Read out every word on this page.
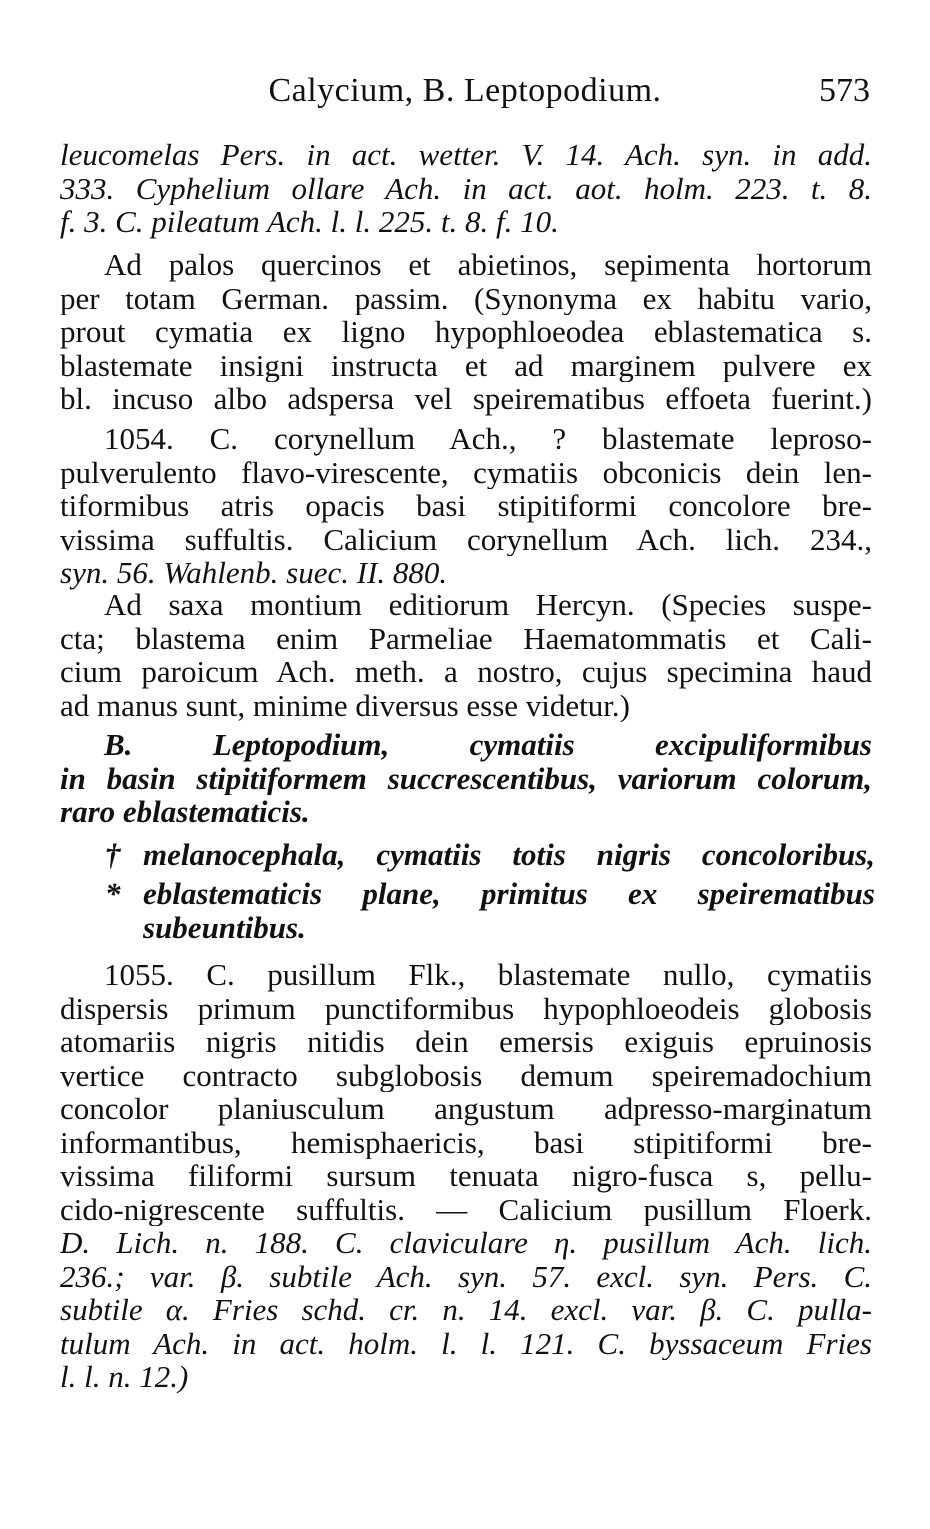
Calycium, B. Leptopodium.	573
leucomelas Pers. in act. wetter. V. 14. Ach. syn. in add.
333. Cyphelium ollare Ach. in act. aot. holm. 223. t. 8.
f. 3. C. pileatum Ach. l. l. 225. t. 8. f. 10.
Ad palos quercinos et abietinos, sepimenta hortorum
per totam German. passim. (Synonyma ex habitu vario,
prout cymatia ex ligno hypophloeodea eblastematica s.
blastemate insigni instructa et ad marginem pulvere ex
bl. incuso albo adspersa vel speirematibus effoeta fuerint.)
1054. C. corynellum Ach., ? blastemate leproso-
pulverulento flavo-virescente, cymatiis obconicis dein len-
tiformibus atris opacis basi stipitiformi concolore bre-
vissima suffultis. Calicium corynellum Ach. lich. 234.,
syn. 56. Wahlenb. suec. II. 880.
Ad saxa montium editiorum Hercyn. (Species suspe-
cta; blastema enim Parmeliae Haematommatis et Cali-
cium paroicum Ach. meth. a nostro, cujus specimina haud
ad manus sunt, minime diversus esse videtur.)
B. Leptopodium, cymatiis excipuliformibus
in basin stipitiformem succrescentibus, variorum colorum,
raro eblastematicis.
† melanocephala, cymatiis totis nigris concoloribus,
* eblastematicis plane, primitus ex speirematibus
subeuntibus.
1055. C. pusillum Flk., blastemate nullo, cymatiis
dispersis primum punctiformibus hypophloeodeis globosis
atomariis nigris nitidis dein emersis exiguis epruinosis
vertice contracto subglobosis demum speiremadochium
concolor planiusculum angustum adpresso-marginatum
informantibus, hemisphaericis, basi stipitiformi bre-
vissima filiformi sursum tenuata nigro-fusca s, pellu-
cido-nigrescente suffultis. — Calicium pusillum Floerk.
D. Lich. n. 188. C. claviculare η. pusillum Ach. lich.
236.; var. β. subtile Ach. syn. 57. excl. syn. Pers. C.
subtile α. Fries schd. cr. n. 14. excl. var. β. C. pulla-
tulum Ach. in act. holm. l. l. 121. C. byssaceum Fries
l. l. n. 12.)
